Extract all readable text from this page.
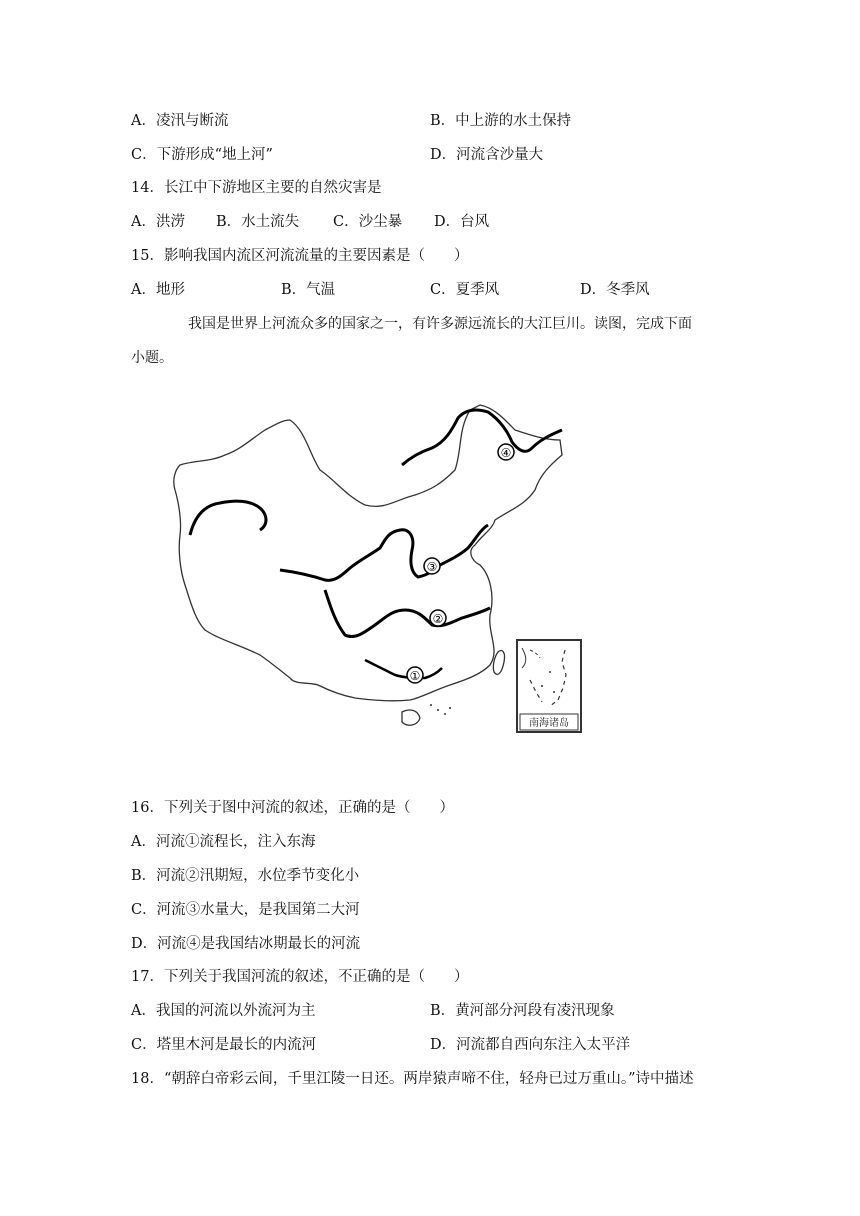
A．凌汛与断流	B．中上游的水土保持
C．下游形成“地上河”	D．河流含沙量大
14．长江中下游地区主要的自然灾害是
A．洪涝 B．水土流失 C．沙尘暴 D．台风
15．影响我国内流区河流流量的主要因素是（　　）
A．地形	B．气温	C．夏季风	D．冬季风
我国是世界上河流众多的国家之一，有许多源远流长的大江巨川。读图，完成下面
小题。
①
②
③
④
南海诸岛
16．下列关于图中河流的叙述，正确的是（　　）
A．河流①流程长，注入东海
B．河流②汛期短，水位季节变化小
C．河流③水量大，是我国第二大河
D．河流④是我国结冰期最长的河流
17．下列关于我国河流的叙述，不正确的是（　　）
A．我国的河流以外流河为主	B．黄河部分河段有凌汛现象
C．塔里木河是最长的内流河	D．河流都自西向东注入太平洋
18．“朝辞白帝彩云间，千里江陵一日还。两岸猿声啼不住，轻舟已过万重山。”诗中描述
